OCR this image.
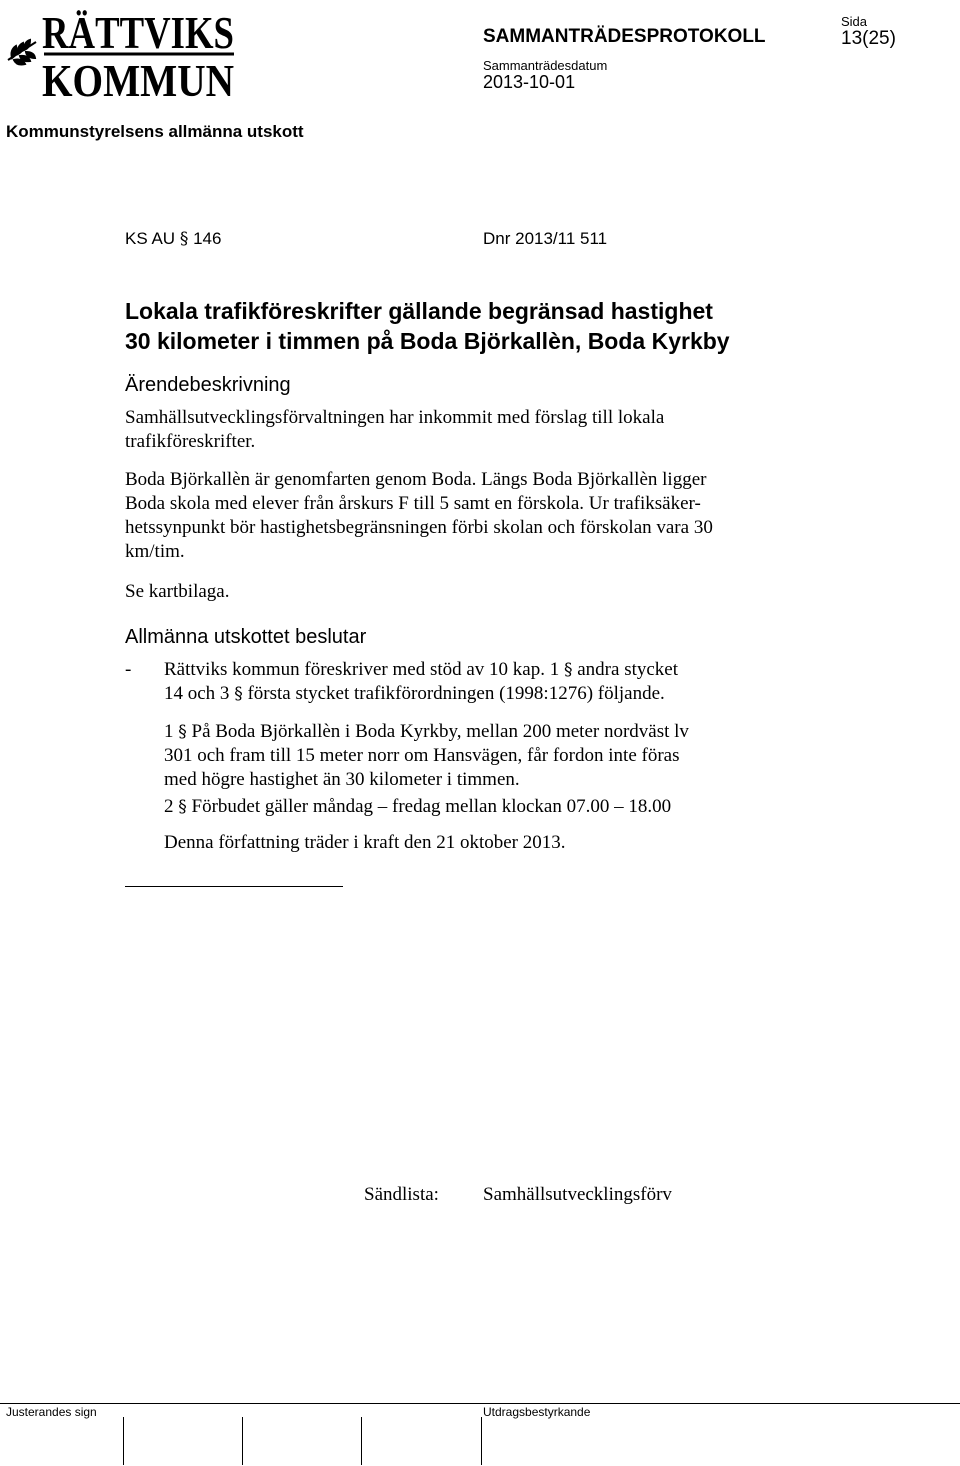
RÄTTVIKS
KOMMUN
SAMMANTRÄDESPROTOKOLL
Sida
13(25)
Sammanträdesdatum
2013-10-01
Kommunstyrelsens allmänna utskott
KS AU § 146	Dnr 2013/11 511
Lokala trafikföreskrifter gällande begränsad hastighet
30 kilometer i timmen på Boda Björkallèn, Boda Kyrkby
Ärendebeskrivning
Samhällsutvecklingsförvaltningen har inkommit med förslag till lokala
trafikföreskrifter.
Boda Björkallèn är genomfarten genom Boda. Längs Boda Björkallèn ligger
Boda skola med elever från årskurs F till 5 samt en förskola. Ur trafiksäker-
hetssynpunkt bör hastighetsbegränsningen förbi skolan och förskolan vara 30
km/tim.
Se kartbilaga.
Allmänna utskottet beslutar
- Rättviks kommun föreskriver med stöd av 10 kap. 1 § andra stycket
14 och 3 § första stycket trafikförordningen (1998:1276) följande.
1 § På Boda Björkallèn i Boda Kyrkby, mellan 200 meter nordväst lv
301 och fram till 15 meter norr om Hansvägen, får fordon inte föras
med högre hastighet än 30 kilometer i timmen.
2 § Förbudet gäller måndag – fredag mellan klockan 07.00 – 18.00
Denna författning träder i kraft den 21 oktober 2013.
Sändlista: Samhällsutvecklingsförv
Justerandes sign	Utdragsbestyrkande
